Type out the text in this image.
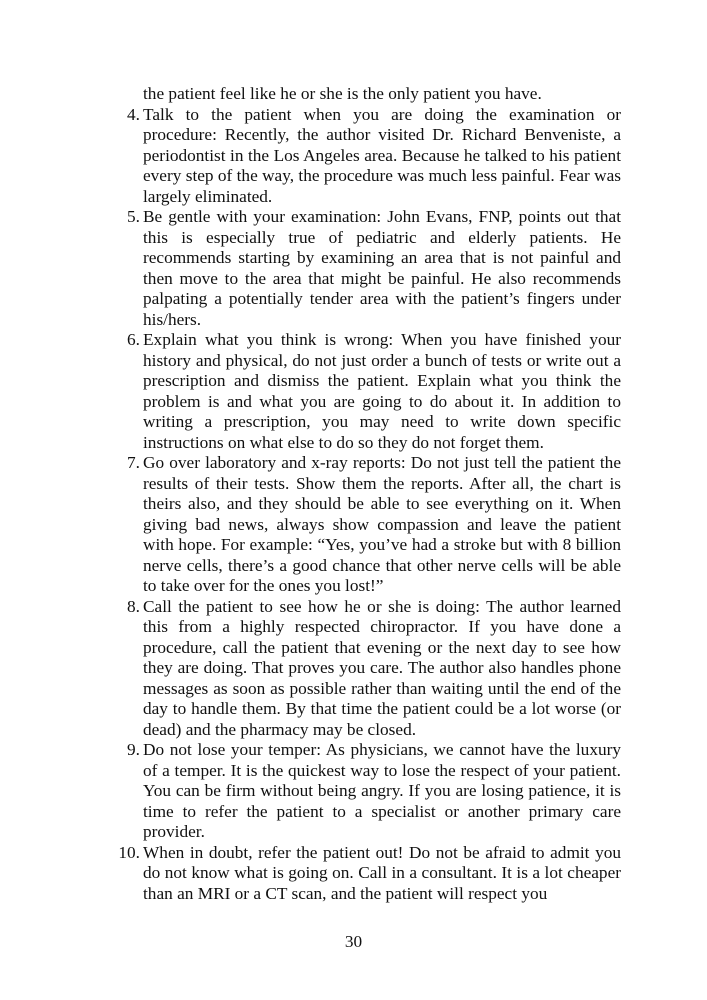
the patient feel like he or she is the only patient you have.

4. Talk to the patient when you are doing the examination or procedure: Recently, the author visited Dr. Richard Benveniste, a periodontist in the Los Angeles area. Because he talked to his patient every step of the way, the procedure was much less painful. Fear was largely eliminated.
5. Be gentle with your examination: John Evans, FNP, points out that this is especially true of pediatric and elderly patients. He recommends starting by examining an area that is not painful and then move to the area that might be painful. He also recommends palpating a potentially tender area with the patient’s fingers under his/hers.
6. Explain what you think is wrong: When you have finished your history and physical, do not just order a bunch of tests or write out a prescription and dismiss the patient. Explain what you think the problem is and what you are going to do about it. In addition to writing a prescription, you may need to write down specific instructions on what else to do so they do not forget them.
7. Go over laboratory and x-ray reports: Do not just tell the patient the results of their tests. Show them the reports. After all, the chart is theirs also, and they should be able to see everything on it. When giving bad news, always show compassion and leave the patient with hope. For example: “Yes, you’ve had a stroke but with 8 billion nerve cells, there’s a good chance that other nerve cells will be able to take over for the ones you lost!”
8. Call the patient to see how he or she is doing: The author learned this from a highly respected chiropractor. If you have done a procedure, call the patient that evening or the next day to see how they are doing. That proves you care. The author also handles phone messages as soon as possible rather than waiting until the end of the day to handle them. By that time the patient could be a lot worse (or dead) and the pharmacy may be closed.
9. Do not lose your temper: As physicians, we cannot have the luxury of a temper. It is the quickest way to lose the respect of your patient. You can be firm without being angry. If you are losing patience, it is time to refer the patient to a specialist or another primary care provider.
10. When in doubt, refer the patient out! Do not be afraid to admit you do not know what is going on. Call in a consultant. It is a lot cheaper than an MRI or a CT scan, and the patient will respect you
30
